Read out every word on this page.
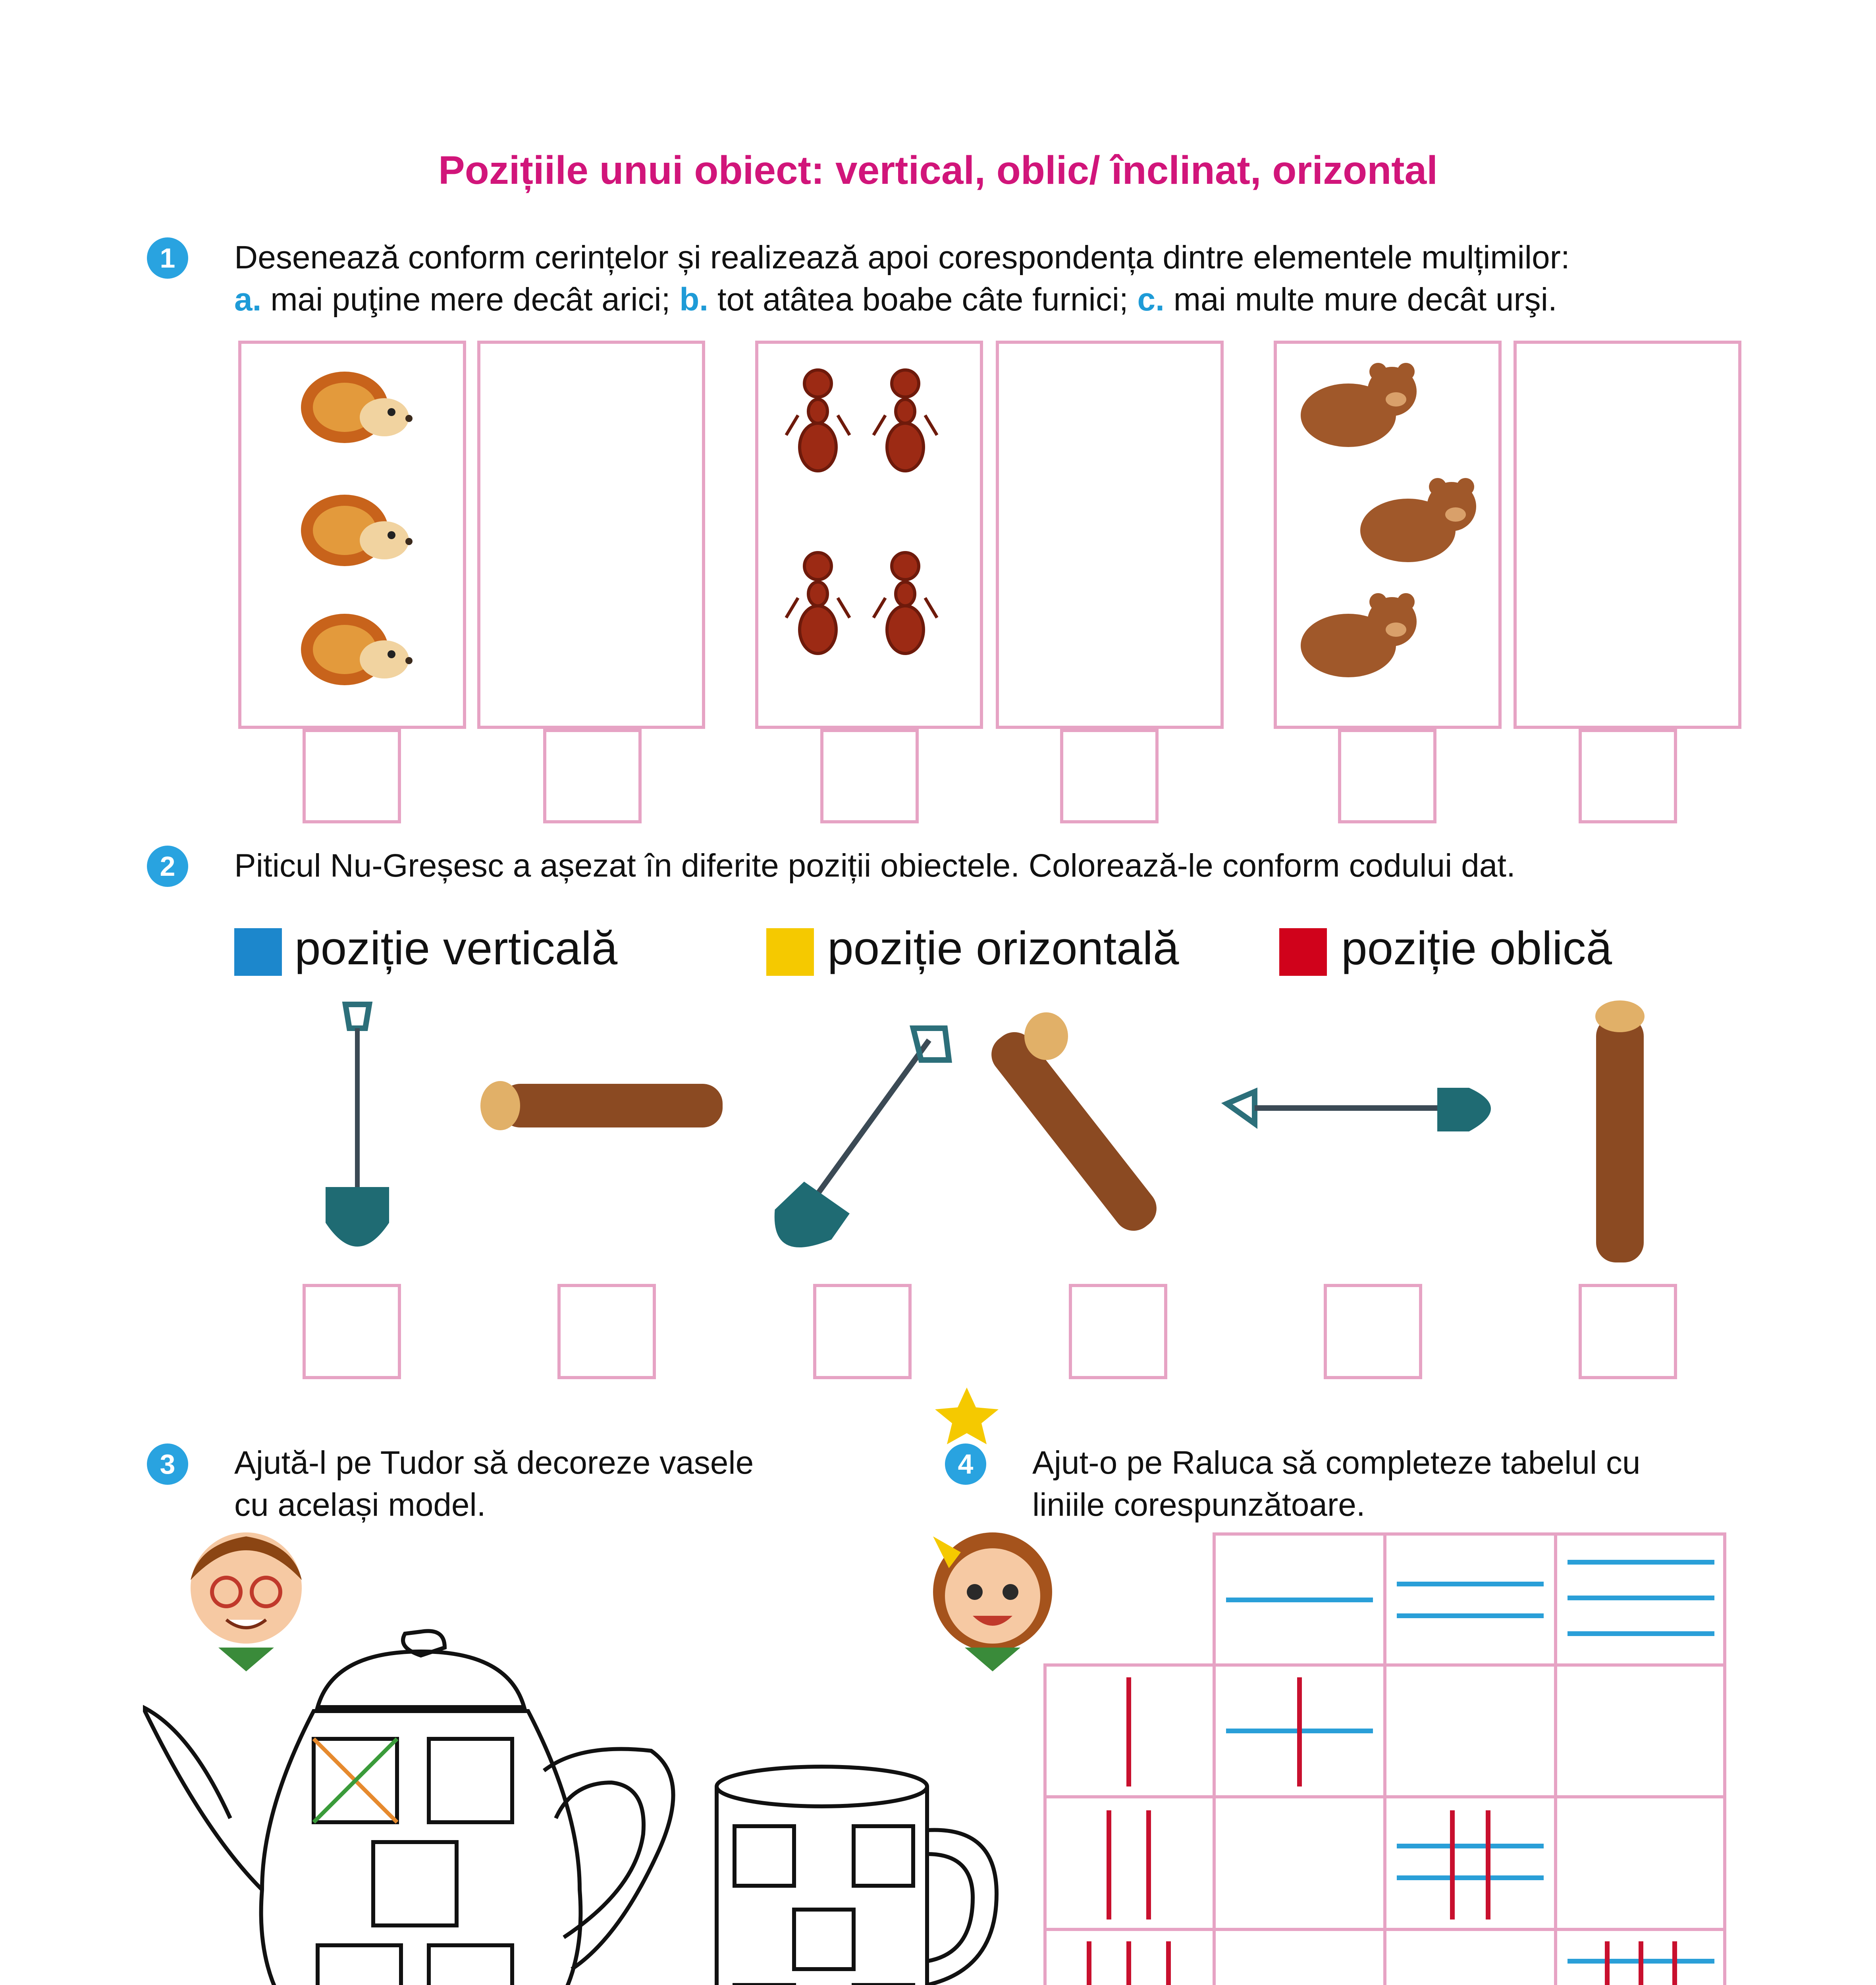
Pozițiile unui obiect: vertical, oblic/ înclinat, orizontal
1	Desenează conform cerințelor și realizează apoi corespondența dintre elementele mulțimilor:
a. mai puţine mere decât arici; b. tot atâtea boabe câte furnici; c. mai multe mure decât urşi.
2	Piticul Nu-Greșesc a așezat în diferite poziții obiectele. Colorează-le conform codului dat.
poziție verticală	poziție orizontală	poziție oblică
3	Ajută-l pe Tudor să decoreze vasele
cu același model.
4	Ajut-o pe Raluca să completeze tabelul cu
liniile corespunzătoare.
